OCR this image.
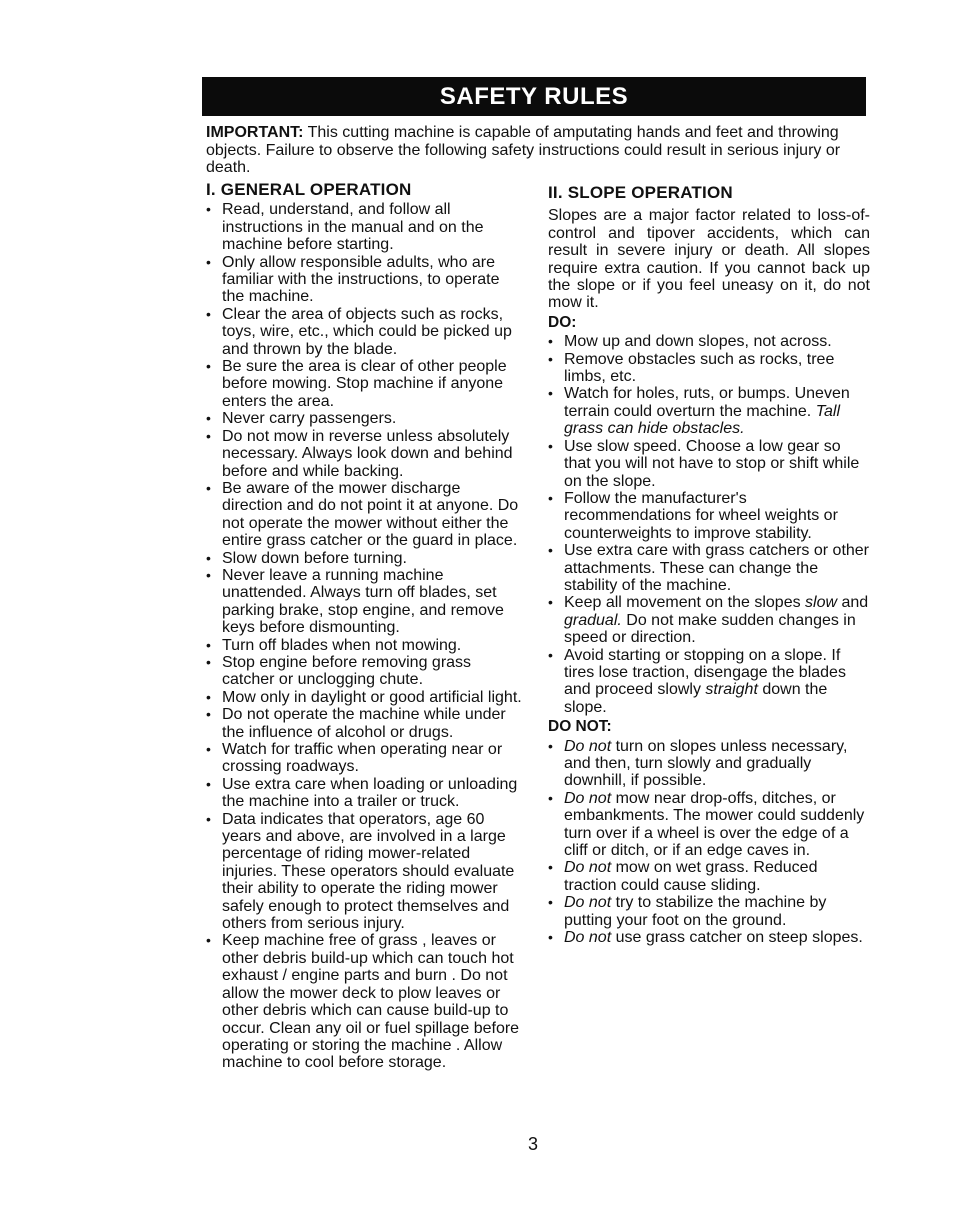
SAFETY RULES
IMPORTANT: This cutting machine is capable of amputating hands and feet and throwing objects. Failure to observe the following safety instructions could result in serious injury or death.
I. GENERAL OPERATION
• Read, understand, and follow all instructions in the manual and on the machine before starting.
• Only allow responsible adults, who are familiar with the instructions, to operate the machine.
• Clear the area of objects such as rocks, toys, wire, etc., which could be picked up and thrown by the blade.
• Be sure the area is clear of other people before mowing. Stop machine if anyone enters the area.
• Never carry passengers.
• Do not mow in reverse unless absolutely necessary. Always look down and behind before and while backing.
• Be aware of the mower discharge direction and do not point it at anyone. Do not operate the mower without either the entire grass catcher or the guard in place.
• Slow down before turning.
• Never leave a running machine unattended. Always turn off blades, set parking brake, stop engine, and remove keys before dismounting.
• Turn off blades when not mowing.
• Stop engine before removing grass catcher or unclogging chute.
• Mow only in daylight or good artificial light.
• Do not operate the machine while under the influence of alcohol or drugs.
• Watch for traffic when operating near or crossing roadways.
• Use extra care when loading or unloading the machine into a trailer or truck.
• Data indicates that operators, age 60 years and above, are involved in a large percentage of riding mower-related injuries. These operators should evaluate their ability to operate the riding mower safely enough to protect themselves and others from serious injury.
• Keep machine free of grass , leaves or other debris build-up which can touch hot exhaust / engine parts and burn . Do not allow the mower deck to plow leaves or other debris which can cause build-up to occur. Clean any oil or fuel spillage before operating or storing the machine . Allow machine to cool before storage.
II. SLOPE OPERATION
Slopes are a major factor related to loss-of-control and tipover accidents, which can result in severe injury or death. All slopes require extra caution. If you cannot back up the slope or if you feel uneasy on it, do not mow it.
DO:
• Mow up and down slopes, not across.
• Remove obstacles such as rocks, tree limbs, etc.
• Watch for holes, ruts, or bumps. Uneven terrain could overturn the machine. Tall grass can hide obstacles.
• Use slow speed. Choose a low gear so that you will not have to stop or shift while on the slope.
• Follow the manufacturer's recommendations for wheel weights or counterweights to improve stability.
• Use extra care with grass catchers or other attachments. These can change the stability of the machine.
• Keep all movement on the slopes slow and gradual. Do not make sudden changes in speed or direction.
• Avoid starting or stopping on a slope. If tires lose traction, disengage the blades and proceed slowly straight down the slope.
DO NOT:
• Do not turn on slopes unless necessary, and then, turn slowly and gradually downhill, if possible.
• Do not mow near drop-offs, ditches, or embankments. The mower could suddenly turn over if a wheel is over the edge of a cliff or ditch, or if an edge caves in.
• Do not mow on wet grass. Reduced traction could cause sliding.
• Do not try to stabilize the machine by putting your foot on the ground.
• Do not use grass catcher on steep slopes.
3
